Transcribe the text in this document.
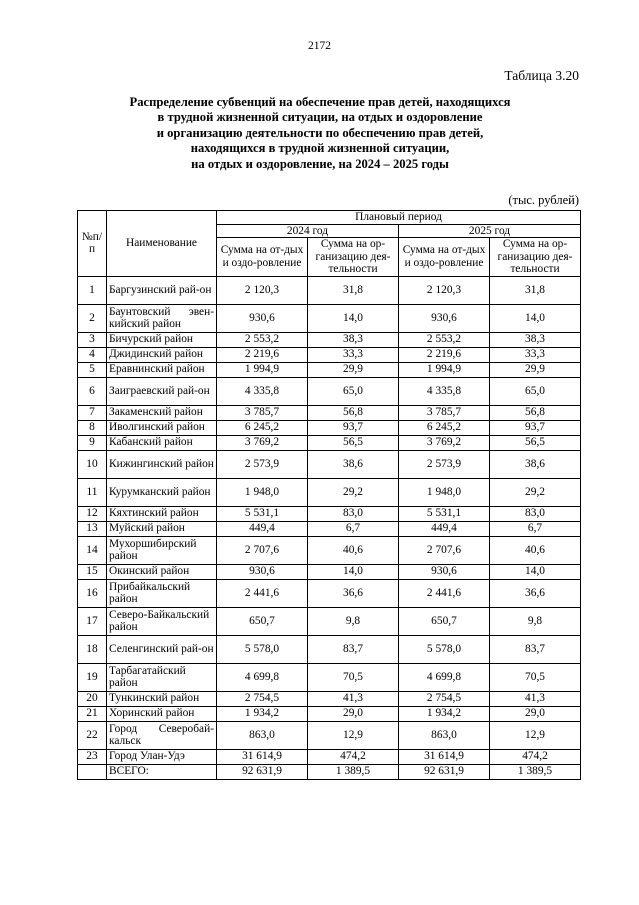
2172
Таблица 3.20
Распределение субвенций на обеспечение прав детей, находящихся
в трудной жизненной ситуации, на отдых и оздоровление
и организацию деятельности по обеспечению прав детей,
находящихся в трудной жизненной ситуации,
на отдых и оздоровление, на 2024 – 2025 годы
(тыс. рублей)
№п/п	Наименование	Плановый период			
		2024 год		2025 год	
		Сумма на от-дых и оздо-ровление	Сумма на ор-ганизацию дея-тельности	Сумма на от-дых и оздо-ровление	Сумма на ор-ганизацию дея-тельности
1	Баргузинский рай-он	2 120,3	31,8	2 120,3	31,8
2	Баунтовский эвен-кийский район	930,6	14,0	930,6	14,0
3	Бичурский район	2 553,2	38,3	2 553,2	38,3
4	Джидинский район	2 219,6	33,3	2 219,6	33,3
5	Еравнинский район	1 994,9	29,9	1 994,9	29,9
6	Заиграевский рай-он	4 335,8	65,0	4 335,8	65,0
7	Закаменский район	3 785,7	56,8	3 785,7	56,8
8	Иволгинский район	6 245,2	93,7	6 245,2	93,7
9	Кабанский район	3 769,2	56,5	3 769,2	56,5
10	Кижингинский район	2 573,9	38,6	2 573,9	38,6
11	Курумканский район	1 948,0	29,2	1 948,0	29,2
12	Кяхтинский район	5 531,1	83,0	5 531,1	83,0
13	Муйский район	449,4	6,7	449,4	6,7
14	Мухоршибирский район	2 707,6	40,6	2 707,6	40,6
15	Окинский район	930,6	14,0	930,6	14,0
16	Прибайкальский район	2 441,6	36,6	2 441,6	36,6
17	Северо-Байкальский район	650,7	9,8	650,7	9,8
18	Селенгинский рай-он	5 578,0	83,7	5 578,0	83,7
19	Тарбагатайский район	4 699,8	70,5	4 699,8	70,5
20	Тункинский район	2 754,5	41,3	2 754,5	41,3
21	Хоринский район	1 934,2	29,0	1 934,2	29,0
22	Город Северобай-кальск	863,0	12,9	863,0	12,9
23	Город Улан-Удэ	31 614,9	474,2	31 614,9	474,2
	ВСЕГО:	92 631,9	1 389,5	92 631,9	1 389,5
